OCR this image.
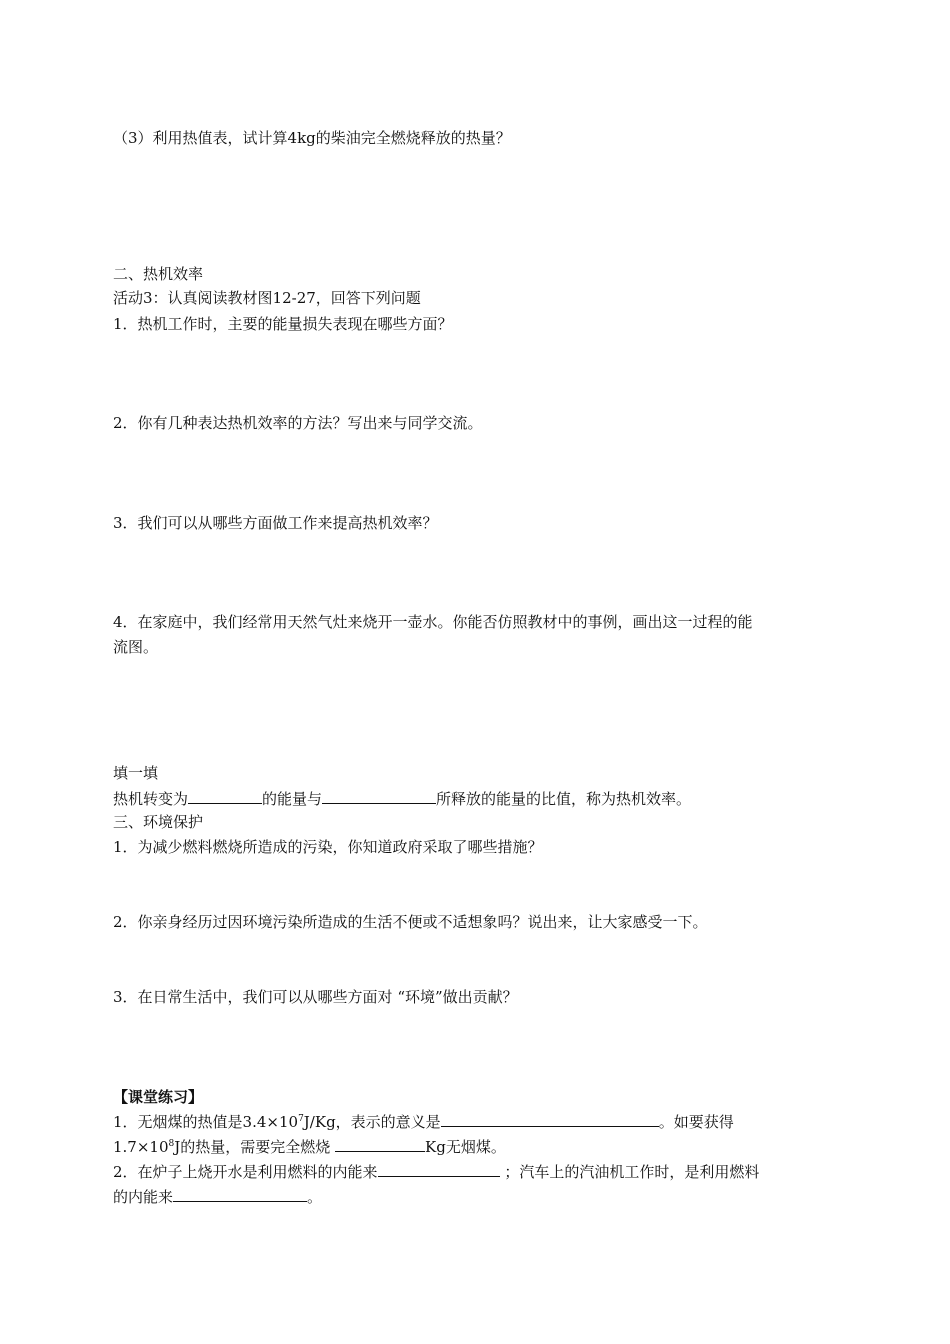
（3）利用热值表，试计算4kg的柴油完全燃烧释放的热量？
二、热机效率
活动3：认真阅读教材图12-27，回答下列问题
1．热机工作时，主要的能量损失表现在哪些方面？
2．你有几种表达热机效率的方法？写出来与同学交流。
3．我们可以从哪些方面做工作来提高热机效率？
4．在家庭中，我们经常用天然气灶来烧开一壶水。你能否仿照教材中的事例，画出这一过程的能
流图。
填一填
热机转变为	的能量与	所释放的能量的比值，称为热机效率。
三、环境保护
1．为减少燃料燃烧所造成的污染，你知道政府采取了哪些措施？
2．你亲身经历过因环境污染所造成的生活不便或不适想象吗？说出来，让大家感受一下。
3．在日常生活中，我们可以从哪些方面对 “环境”做出贡献？
【课堂练习】
1．无烟煤的热值是$3.4\times 10^7J/Kg$，表示的意义是	。如要获得
$1.7\times 10^8J$的热量，需要完全燃烧	Kg无烟煤。
2．在炉子上烧开水是利用燃料的内能来	；汽车上的汽油机工作时，是利用燃料
的内能来	。
